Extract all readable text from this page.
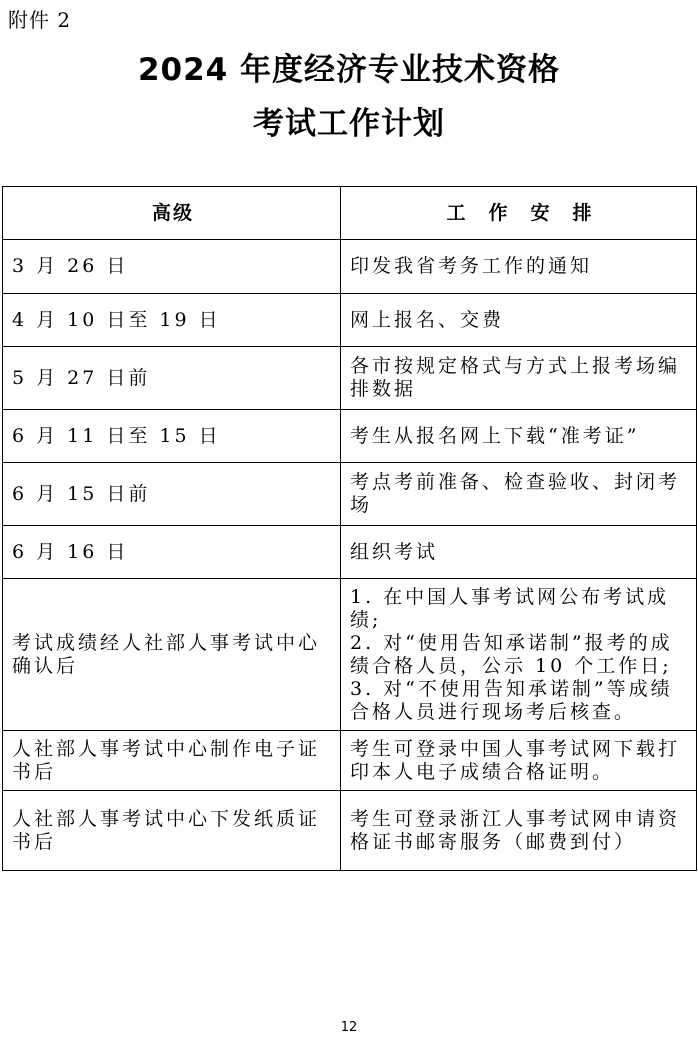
附件 2
2024 年度经济专业技术资格
考试工作计划
高级	工　作　安　排
3 月 26 日	印发我省考务工作的通知
4 月 10 日至 19 日	网上报名、交费
5 月 27 日前	各市按规定格式与方式上报考场编排数据
6 月 11 日至 15 日	考生从报名网上下载“准考证”
6 月 15 日前	考点考前准备、检查验收、封闭考场
6 月 16 日	组织考试
考试成绩经人社部人事考试中心确认后	1. 在中国人事考试网公布考试成绩;
2. 对“使用告知承诺制”报考的成绩合格人员，公示 10 个工作日;
3. 对“不使用告知承诺制”等成绩合格人员进行现场考后核查。

人社部人事考试中心制作电子证书后	考生可登录中国人事考试网下载打印本人电子成绩合格证明。
人社部人事考试中心下发纸质证书后	考生可登录浙江人事考试网申请资格证书邮寄服务（邮费到付）
12
